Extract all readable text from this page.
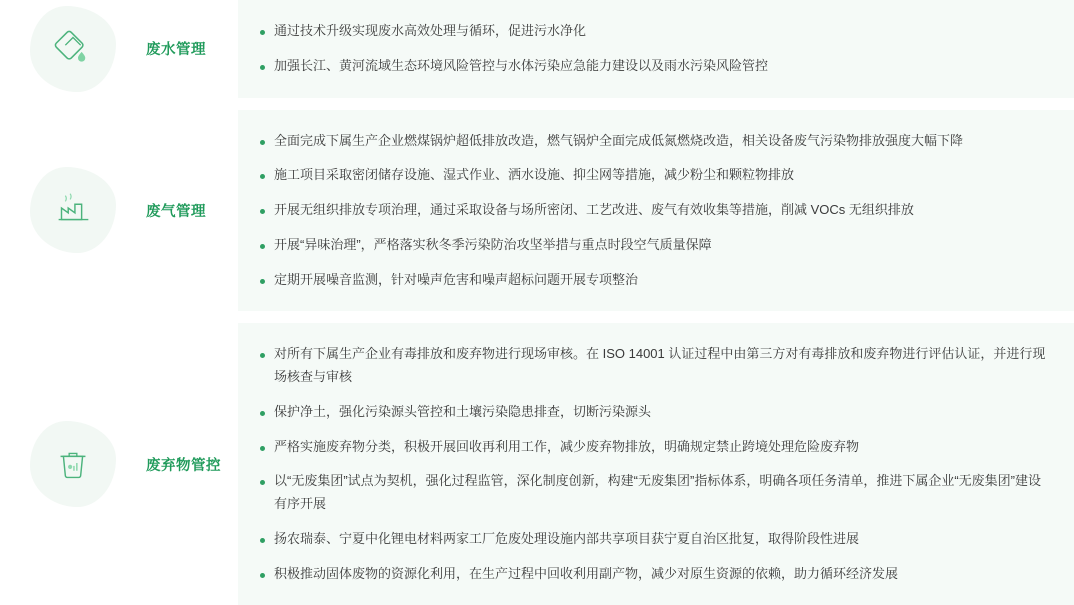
废水管理
通过技术升级实现废水高效处理与循环，促进污水净化
加强长江、黄河流域生态环境风险管控与水体污染应急能力建设以及雨水污染风险管控
废气管理
全面完成下属生产企业燃煤锅炉超低排放改造，燃气锅炉全面完成低氮燃烧改造，相关设备废气污染物排放强度大幅下降
施工项目采取密闭储存设施、湿式作业、洒水设施、抑尘网等措施，减少粉尘和颗粒物排放
开展无组织排放专项治理，通过采取设备与场所密闭、工艺改进、废气有效收集等措施，削减 VOCs 无组织排放
开展“异味治理”，严格落实秋冬季污染防治攻坚举措与重点时段空气质量保障
定期开展噪音监测，针对噪声危害和噪声超标问题开展专项整治
废弃物管控
对所有下属生产企业有毒排放和废弃物进行现场审核。在 ISO 14001 认证过程中由第三方对有毒排放和废弃物进行评估认证，并进行现场核查与审核
保护净土，强化污染源头管控和土壤污染隐患排查，切断污染源头
严格实施废弃物分类，积极开展回收再利用工作，减少废弃物排放，明确规定禁止跨境处理危险废弃物
以“无废集团”试点为契机，强化过程监管，深化制度创新，构建“无废集团”指标体系，明确各项任务清单，推进下属企业“无废集团”建设有序开展
扬农瑞泰、宁夏中化锂电材料两家工厂危废处理设施内部共享项目获宁夏自治区批复，取得阶段性进展
积极推动固体废物的资源化利用，在生产过程中回收利用副产物，减少对原生资源的依赖，助力循环经济发展
